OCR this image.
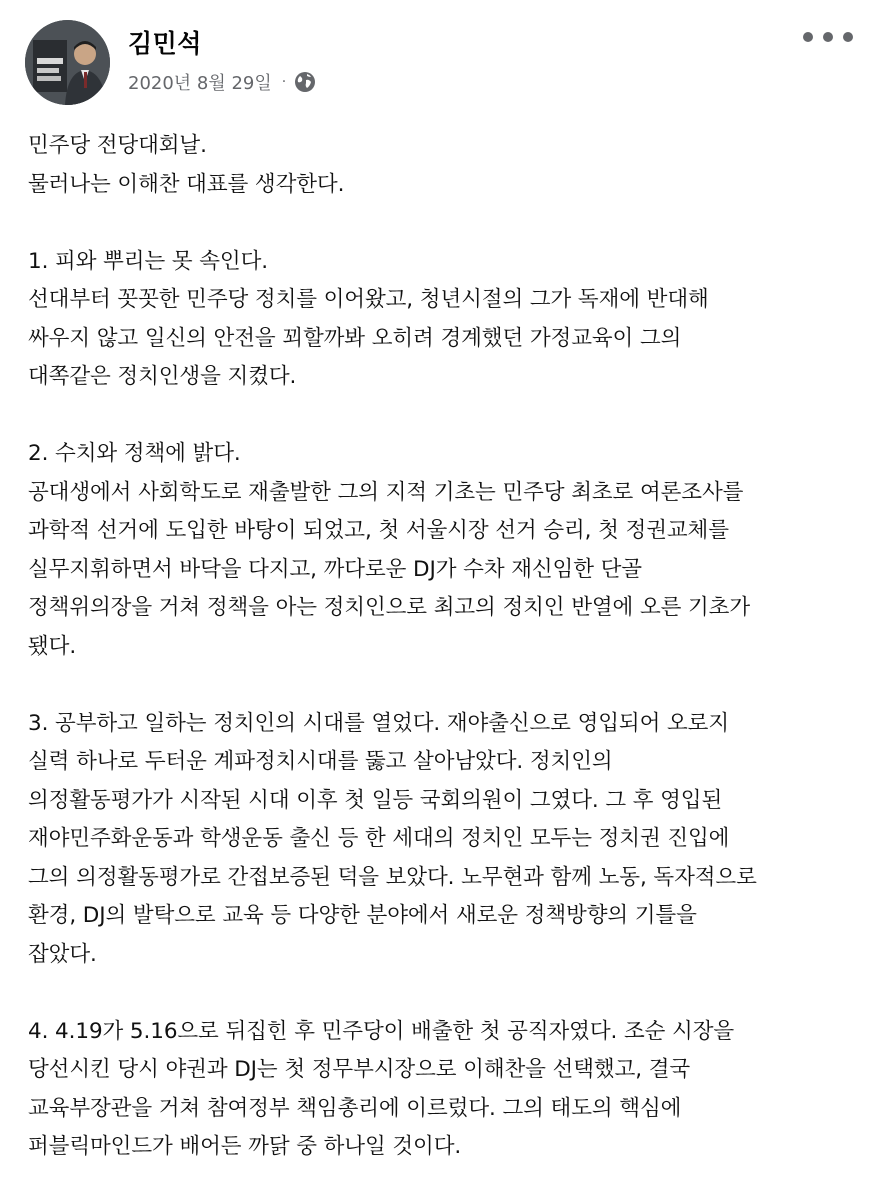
김민석
2020년 8월 29일 ·

민주당 전당대회날.
물러나는 이해찬 대표를 생각한다.

1. 피와 뿌리는 못 속인다.
선대부터 꼿꼿한 민주당 정치를 이어왔고, 청년시절의 그가 독재에 반대해
싸우지 않고 일신의 안전을 꾀할까봐 오히려 경계했던 가정교육이 그의
대쪽같은 정치인생을 지켰다.

2. 수치와 정책에 밝다.
공대생에서 사회학도로 재출발한 그의 지적 기초는 민주당 최초로 여론조사를
과학적 선거에 도입한 바탕이 되었고, 첫 서울시장 선거 승리, 첫 정권교체를
실무지휘하면서 바닥을 다지고, 까다로운 DJ가 수차 재신임한 단골
정책위의장을 거쳐 정책을 아는 정치인으로 최고의 정치인 반열에 오른 기초가
됐다.

3. 공부하고 일하는 정치인의 시대를 열었다. 재야출신으로 영입되어 오로지
실력 하나로 두터운 계파정치시대를 뚫고 살아남았다. 정치인의
의정활동평가가 시작된 시대 이후 첫 일등 국회의원이 그였다. 그 후 영입된
재야민주화운동과 학생운동 출신 등 한 세대의 정치인 모두는 정치권 진입에
그의 의정활동평가로 간접보증된 덕을 보았다. 노무현과 함께 노동, 독자적으로
환경, DJ의 발탁으로 교육 등 다양한 분야에서 새로운 정책방향의 기틀을
잡았다.

4. 4.19가 5.16으로 뒤집힌 후 민주당이 배출한 첫 공직자였다. 조순 시장을
당선시킨 당시 야권과 DJ는 첫 정무부시장으로 이해찬을 선택했고, 결국
교육부장관을 거쳐 참여정부 책임총리에 이르렀다. 그의 태도의 핵심에
퍼블릭마인드가 배어든 까닭 중 하나일 것이다.
